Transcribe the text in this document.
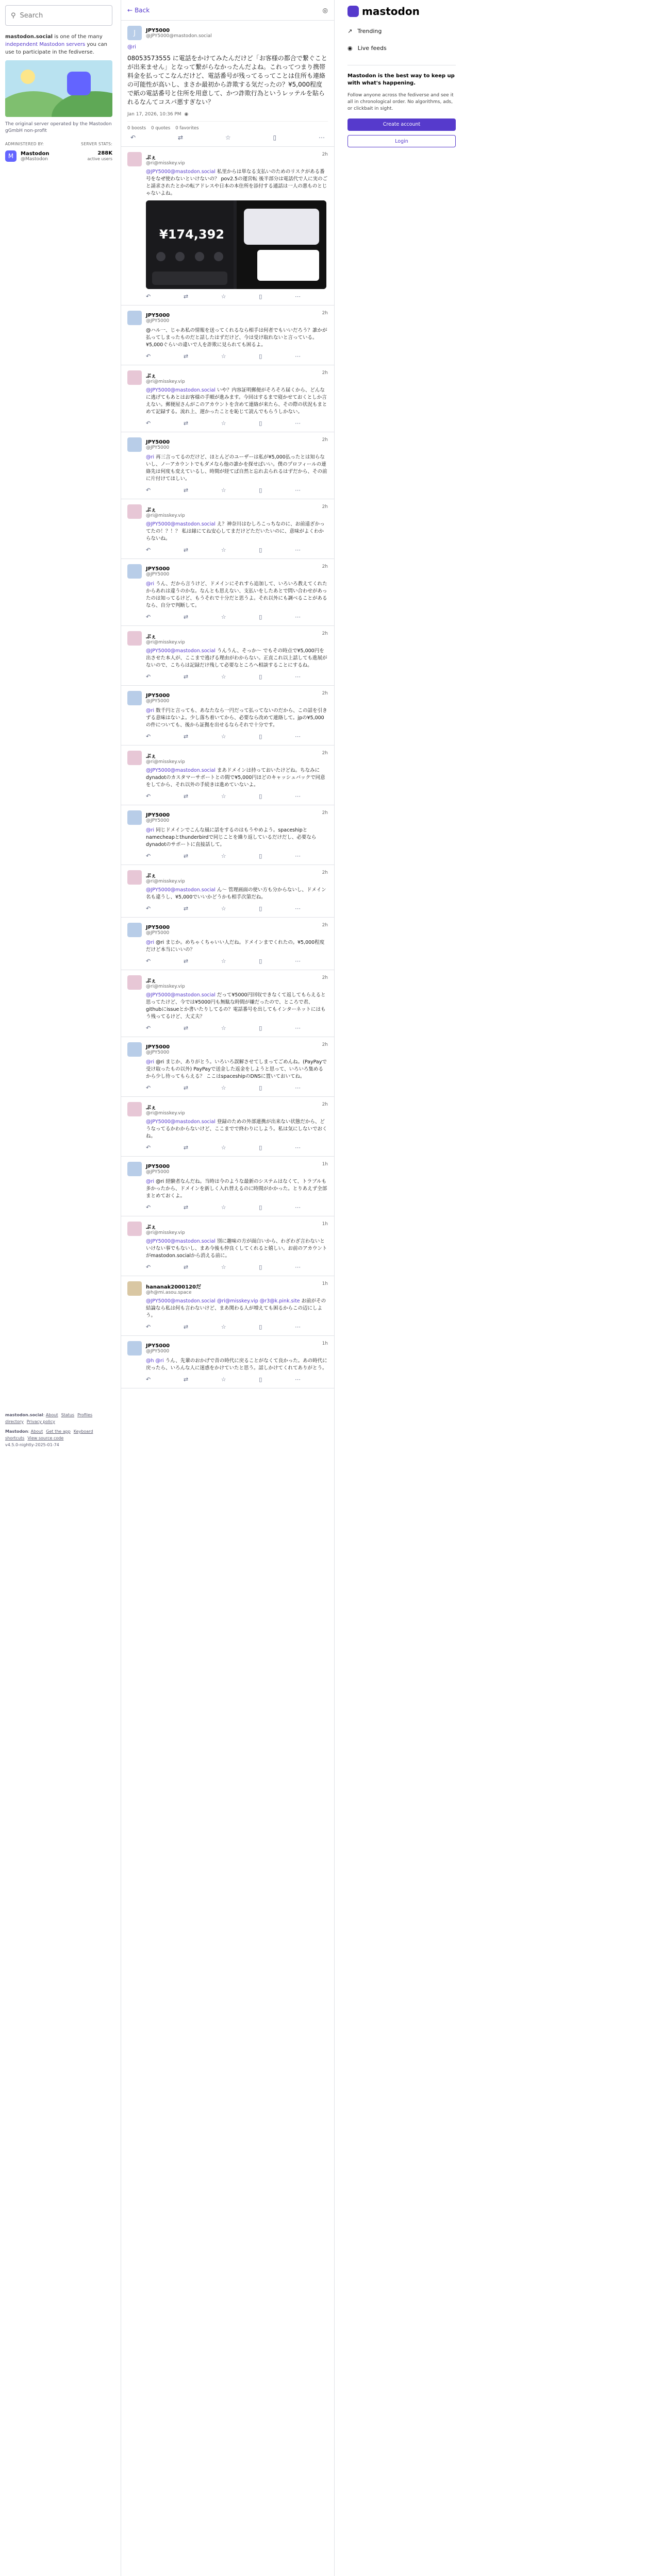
⚲
Search
mastodon.social is one of the many independent Mastodon servers you can use to participate in the fediverse.
The original server operated by the Mastodon gGmbH non-profit
ADMINISTERED BY:	SERVER STATS:
M	Mastodon
@Mastodon
288K
active users
mastodon.social: About Status Profiles directory Privacy policy
Mastodon: About Get the app Keyboard shortcuts View source code
v4.5.0-nightly-2025-01-74
← Back	◎
J	JPY5000
@JPY5000@mastodon.social
@ri
08053573555 に電話をかけてみたんだけど「お客様の都合で繋ぐことが出来ません」となって繋がらなかったんだよね。これってつまり携帯料金を払ってこなんだけど、電話番号が残ってるってことは住所も連絡の可能性が高いし、まさか最初から詐欺する気だったの？¥5,000程度で紙の電話番号と住所を用意して、かつ詐欺行為というレッテルを貼られるなんてコスパ悪すぎない？
Jan 17, 2026, 10:36 PM ◉
0 boosts 0 quotes 0 favorites
↶	⇄	☆	▯	⋯
ぷぇ
@ri@misskey.vip
2h
@JPY5000@mastodon.social 私里からは単なる支払いのためのリスクがある番号をなぜ使わないといけないの？ pov2.5の運営転 後半部分は電話代で人に実のごと請求されたとかの転アドレスや日本の本住所を添付する通話は一人の悪ものとじゃないよね。
¥174,392
↶	⇄	☆	▯	⋯
JPY5000
@JPY5000
2h
@ハル一、じゃあ私の情報を送ってくれるなら相手は何者でもいいだろう？誰かが払ってしまったものだと話したはずだけど、今は受け取れないと言っている。¥5,000ぐらいの違いで人を詐欺に見られても困るよ。
↶	⇄	☆	▯	⋯
ぷぇ
@ri@misskey.vip
2h
@JPY5000@mastodon.social いや？内容証明郵便がそろそろ届くから、どんなに逃げてもあとはお客様の手順が進みます。今回はするまで寝かせておくとしか言えない。郵便屋さんがこのアカウントを含めて連絡が来たら、その際の状況もまとめて記録する。流れ上、遅かったことを恥じて読んでもらうしかない。
↶	⇄	☆	▯	⋯
JPY5000
@JPY5000
2h
@ri 再三言ってるのだけど、ほとんどのユーザーは私が¥5,000払ったとは知らないし、ノーアカウントでもダメなら他の誰かを探せばいい。僕のプロフィールの連絡先は何度も変えているし、時間が経てば自然と忘れ去られるはずだから、その前に片付けてほしい。
↶	⇄	☆	▯	⋯
ぷぇ
@ri@misskey.vip
2h
@JPY5000@mastodon.social え？神奈川はむしろこっちなのに、お前遠ざかってたの！？！？ 私は縁にてね安心してまだけどただいたいのに、意味がよくわからないね。
↶	⇄	☆	▯	⋯
JPY5000
@JPY5000
2h
@ri うん、だから言うけど、ドメインにそれすら追加して、いろいろ教えてくれたからあれは違うのかな。なんとも思えない、支払いをしたあとで問い合わせがあったのは知ってるけど、もうそれで十分だと思うよ。それ以外にも調べることがあるなら、自分で判断して。
↶	⇄	☆	▯	⋯
ぷぇ
@ri@misskey.vip
2h
@JPY5000@mastodon.social うんうん、そっか〜 でもその時点で¥5,000円を出させた本人が、ここまで逃げる理由がわからない。正直これ以上話しても進展がないので、こちらは記録だけ残して必要なところへ相談することにするね。
↶	⇄	☆	▯	⋯
JPY5000
@JPY5000
2h
@ri 数千円と言っても、あなたなら一円だって払ってないのだから、この話を引きずる意味はないよ。少し落ち着いてから、必要なら改めて連絡して。jpの¥5,000の件についても、後から証拠を出せるならそれで十分です。
↶	⇄	☆	▯	⋯
ぷぇ
@ri@misskey.vip
2h
@JPY5000@mastodon.social まあドメインは持っておいたけどね。ちなみにdynadotのカスタマーサポートとの間で¥5,000円ほどのキャッシュバックで同意をしてから、それ以外の手続きは進めていないよ。
↶	⇄	☆	▯	⋯
JPY5000
@JPY5000
2h
@ri 同じドメインでこんな風に話をするのはもうやめよう。spaceshipとnamecheapとthunderbirdで同じことを繰り返しているだけだし、必要ならdynadotのサポートに直接話して。
↶	⇄	☆	▯	⋯
ぷぇ
@ri@misskey.vip
2h
@JPY5000@mastodon.social ん〜 管理画面の使い方も分からないし、ドメイン名も違うし、¥5,000でいいかどうかも相手次第だね。
↶	⇄	☆	▯	⋯
JPY5000
@JPY5000
2h
@ri @ri まじか。めちゃくちゃいい人だね。ドメインまでくれたの。¥5,000程度だけど本当にいいの？
↶	⇄	☆	▯	⋯
ぷぇ
@ri@misskey.vip
2h
@JPY5000@mastodon.social だって¥5000円回収できなくて返してもらえると思ってたけど、今では¥5000円も無駄な時間が嫌だったので、ところで君、githubにissueとか書いたりしてるの？電話番号を出してもインターネットにはもう残ってるけど、大丈夫？
↶	⇄	☆	▯	⋯
JPY5000
@JPY5000
2h
@ri @ri まじか、ありがとう。いろいろ誤解させてしまってごめんね。(PayPayで受け取ったもの以外) PayPayで送金した返金をしようと思って、いろいろ集めるから少し待ってもらえる？ ここはspaceshipのDNSに置いておいてね。
↶	⇄	☆	▯	⋯
ぷぇ
@ri@misskey.vip
2h
@JPY5000@mastodon.social 登録のための外部連携が出来ない状態だから、どうなってるかわからないけど、ここまでで終わりにしよう。私は気にしないでおくね。
↶	⇄	☆	▯	⋯
JPY5000
@JPY5000
1h
@ri @ri 経験者なんだね。当時は今のような最新のシステムはなくて、トラブルも多かったから、ドメインを新しく入れ替えるのに時間がかかった。とりあえず全部まとめておくよ。
↶	⇄	☆	▯	⋯
ぷぇ
@ri@misskey.vip
1h
@JPY5000@mastodon.social 別に趣味の方が面白いから、わざわざ言わないといけない事でもないし、まあ今後も仲良くしてくれると嬉しい。お前のアカウントがmastodon.socialから消える前に。
↶	⇄	☆	▯	⋯
hananak2000120だ
@h@mi.asou.space
1h
@JPY5000@mastodon.social @ri@misskey.vip @r3@k.pink.site お前がその結論なら私は何も言わないけど、まあ関わる人が増えても困るからこの辺にしよう。
↶	⇄	☆	▯	⋯
JPY5000
@JPY5000
1h
@h @ri うん、先輩のおかげで昔の時代に戻ることがなくて良かった。あの時代に戻ったら、いろんな人に迷惑をかけていたと思う。話しかけてくれてありがとう。
↶	⇄	☆	▯	⋯
mastodon
↗ Trending
◉ Live feeds
Mastodon is the best way to keep up with what's happening.

Follow anyone across the fediverse and see it all in chronological order. No algorithms, ads, or clickbait in sight.

Create account
Login
